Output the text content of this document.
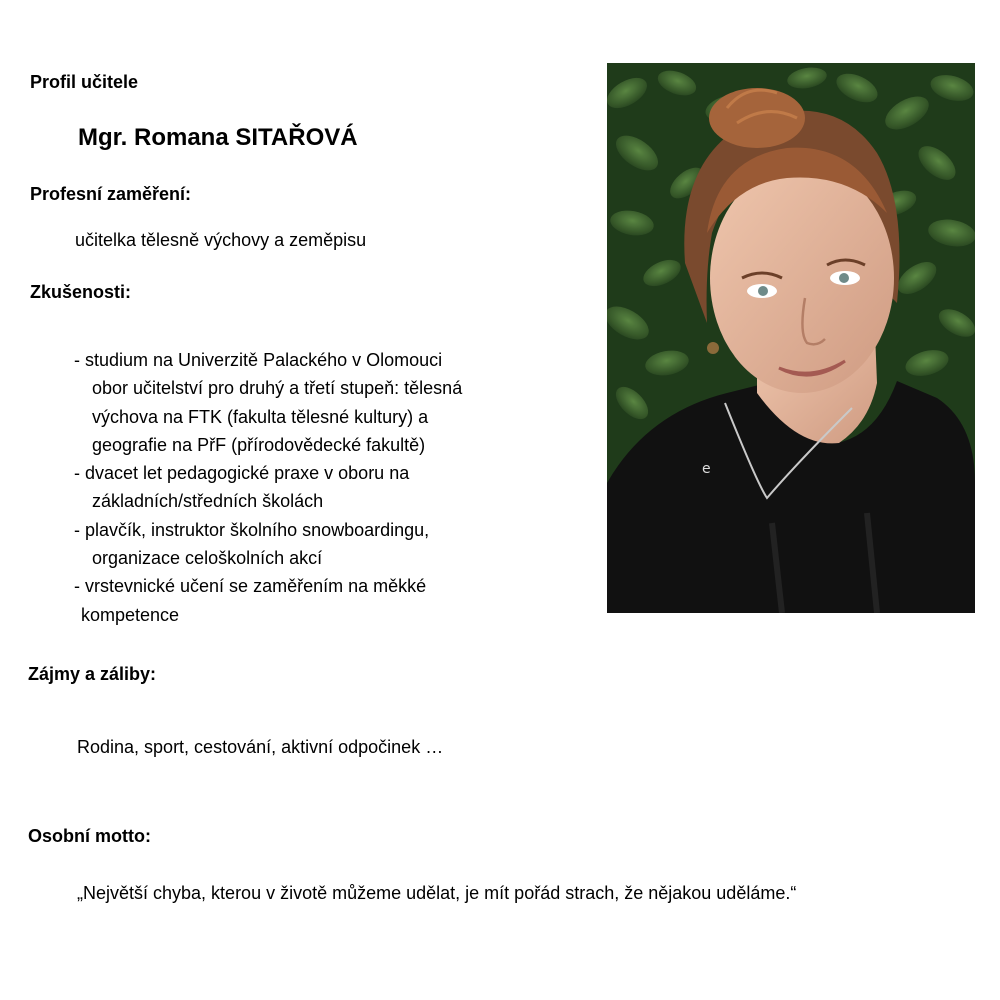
Profil učitele
Mgr. Romana SITAŘOVÁ
Profesní zaměření:
učitelka tělesně výchovy a zeměpisu
Zkušenosti:
- studium na Univerzitě Palackého v Olomouci
obor učitelství pro druhý a třetí stupeň: tělesná
výchova na FTK (fakulta tělesné kultury) a
geografie na PřF (přírodovědecké fakultě)
- dvacet let pedagogické praxe v oboru na
základních/středních školách
- plavčík, instruktor školního snowboardingu,
organizace celoškolních akcí
- vrstevnické učení se zaměřením na měkké
kompetence
Zájmy a záliby:
Rodina, sport, cestování, aktivní odpočinek …
Osobní motto:
„Největší chyba, kterou v životě můžeme udělat, je mít pořád strach, že nějakou uděláme.“
e
